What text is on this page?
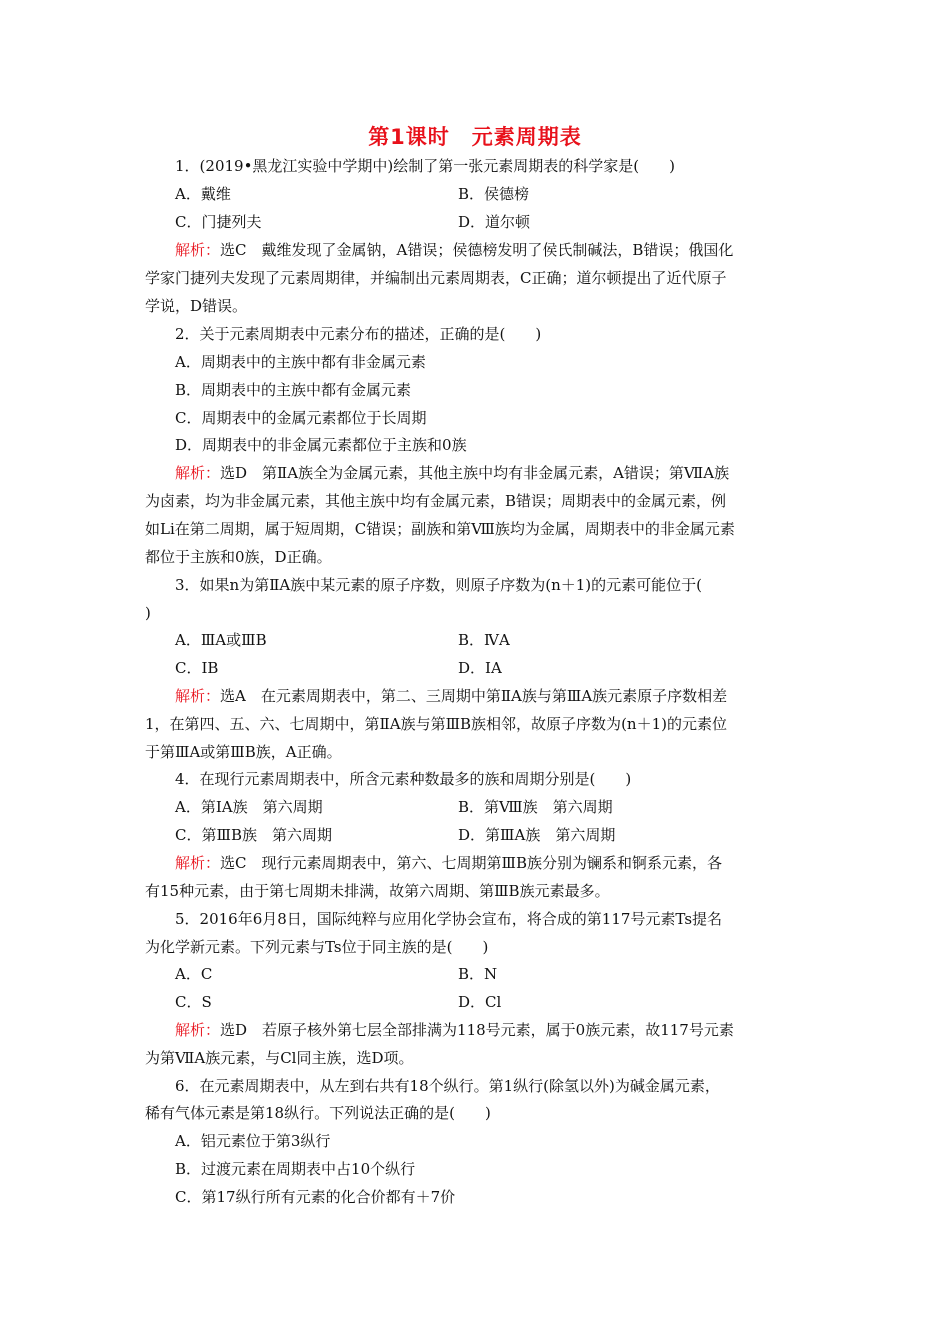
第1课时　元素周期表
1．(2019•黑龙江实验中学期中)绘制了第一张元素周期表的科学家是(　　)
A．戴维	B．侯德榜
C．门捷列夫	D．道尔顿
解析：选C　戴维发现了金属钠，A错误；侯德榜发明了侯氏制碱法，B错误；俄国化
学家门捷列夫发现了元素周期律，并编制出元素周期表，C正确；道尔顿提出了近代原子
学说，D错误。
2．关于元素周期表中元素分布的描述，正确的是(　　)
A．周期表中的主族中都有非金属元素
B．周期表中的主族中都有金属元素
C．周期表中的金属元素都位于长周期
D．周期表中的非金属元素都位于主族和0族
解析：选D　第ⅡA族全为金属元素，其他主族中均有非金属元素，A错误；第ⅦA族
为卤素，均为非金属元素，其他主族中均有金属元素，B错误；周期表中的金属元素，例
如Li在第二周期，属于短周期，C错误；副族和第Ⅷ族均为金属，周期表中的非金属元素
都位于主族和0族，D正确。
3．如果n为第ⅡA族中某元素的原子序数，则原子序数为(n＋1)的元素可能位于(
)
A．ⅢA或ⅢB	B．ⅣA
C．ⅠB	D．ⅠA
解析：选A　在元素周期表中，第二、三周期中第ⅡA族与第ⅢA族元素原子序数相差
1，在第四、五、六、七周期中，第ⅡA族与第ⅢB族相邻，故原子序数为(n＋1)的元素位
于第ⅢA或第ⅢB族，A正确。
4．在现行元素周期表中，所含元素种数最多的族和周期分别是(　　)
A．第ⅠA族　第六周期	B．第Ⅷ族　第六周期
C．第ⅢB族　第六周期	D．第ⅢA族　第六周期
解析：选C　现行元素周期表中，第六、七周期第ⅢB族分别为镧系和锕系元素，各
有15种元素，由于第七周期未排满，故第六周期、第ⅢB族元素最多。
5．2016年6月8日，国际纯粹与应用化学协会宣布，将合成的第117号元素Ts提名
为化学新元素。下列元素与Ts位于同主族的是(　　)
A．C	B．N
C．S	D．Cl
解析：选D　若原子核外第七层全部排满为118号元素，属于0族元素，故117号元素
为第ⅦA族元素，与Cl同主族，选D项。
6．在元素周期表中，从左到右共有18个纵行。第1纵行(除氢以外)为碱金属元素，
稀有气体元素是第18纵行。下列说法正确的是(　　)
A．铝元素位于第3纵行
B．过渡元素在周期表中占10个纵行
C．第17纵行所有元素的化合价都有＋7价
